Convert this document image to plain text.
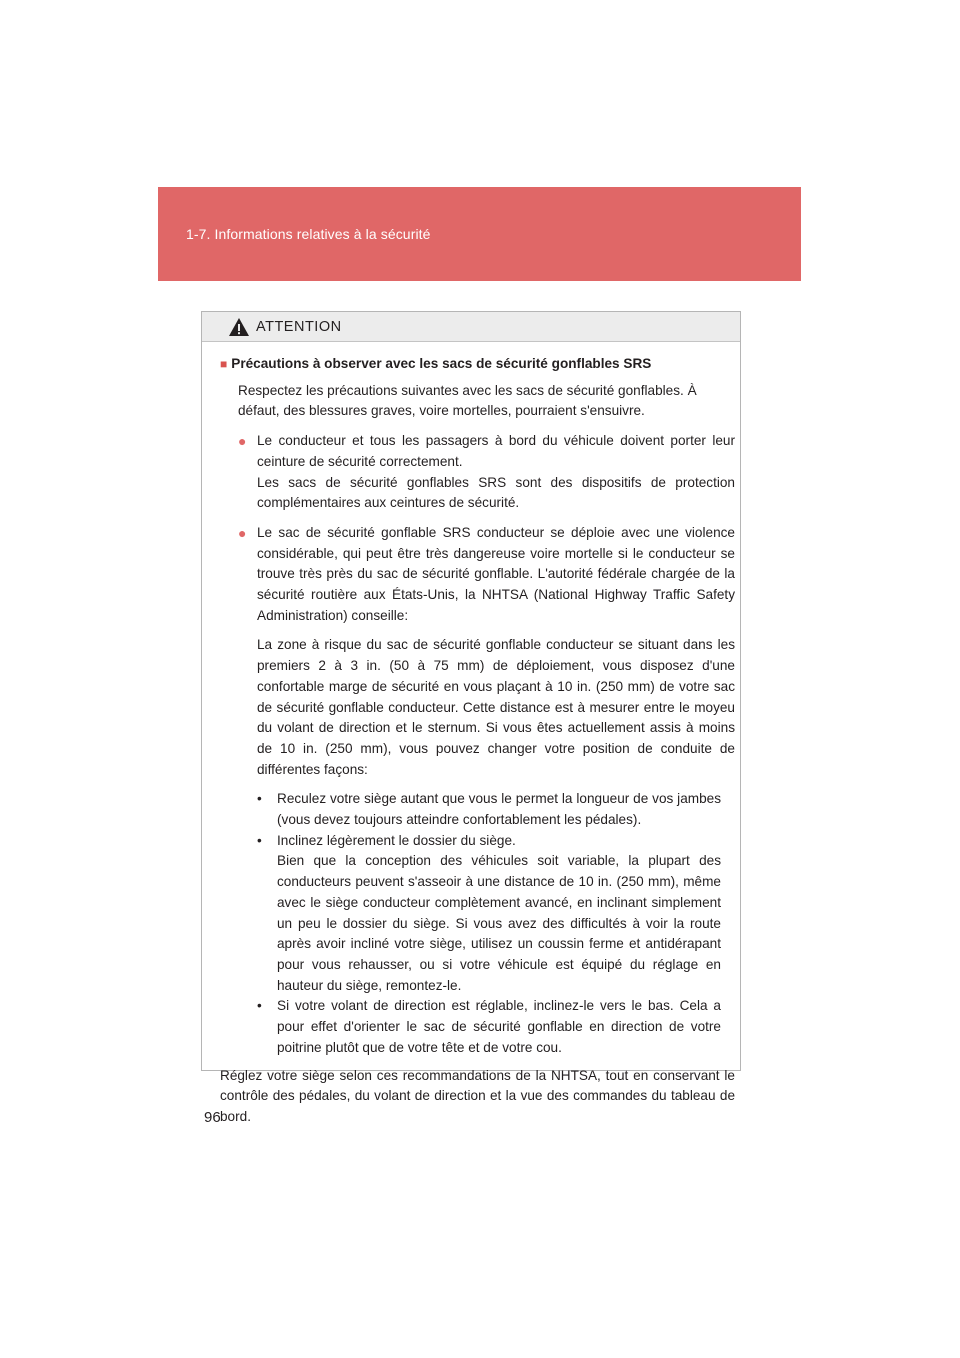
1-7. Informations relatives à la sécurité
ATTENTION
■ Précautions à observer avec les sacs de sécurité gonflables SRS
Respectez les précautions suivantes avec les sacs de sécurité gonflables. À défaut, des blessures graves, voire mortelles, pourraient s'ensuivre.
● Le conducteur et tous les passagers à bord du véhicule doivent porter leur ceinture de sécurité correctement.

Les sacs de sécurité gonflables SRS sont des dispositifs de protection complémentaires aux ceintures de sécurité.

● Le sac de sécurité gonflable SRS conducteur se déploie avec une violence considérable, qui peut être très dangereuse voire mortelle si le conducteur se trouve très près du sac de sécurité gonflable. L'autorité fédérale chargée de la sécurité routière aux États-Unis, la NHTSA (National Highway Traffic Safety Administration) conseille:

La zone à risque du sac de sécurité gonflable conducteur se situant dans les premiers 2 à 3 in. (50 à 75 mm) de déploiement, vous disposez d'une confortable marge de sécurité en vous plaçant à 10 in. (250 mm) de votre sac de sécurité gonflable conducteur. Cette distance est à mesurer entre le moyeu du volant de direction et le sternum. Si vous êtes actuellement assis à moins de 10 in. (250 mm), vous pouvez changer votre position de conduite de différentes façons:

•	Reculez votre siège autant que vous le permet la longueur de vos jambes (vous devez toujours atteindre confortablement les pédales).
•	Inclinez légèrement le dossier du siège.
Bien que la conception des véhicules soit variable, la plupart des conducteurs peuvent s'asseoir à une distance de 10 in. (250 mm), même avec le siège conducteur complètement avancé, en inclinant simplement un peu le dossier du siège. Si vous avez des difficultés à voir la route après avoir incliné votre siège, utilisez un coussin ferme et antidérapant pour vous rehausser, ou si votre véhicule est équipé du réglage en hauteur du siège, remontez-le.
•	Si votre volant de direction est réglable, inclinez-le vers le bas. Cela a pour effet d'orienter le sac de sécurité gonflable en direction de votre poitrine plutôt que de votre tête et de votre cou.
Réglez votre siège selon ces recommandations de la NHTSA, tout en conservant le contrôle des pédales, du volant de direction et la vue des commandes du tableau de bord.
96
